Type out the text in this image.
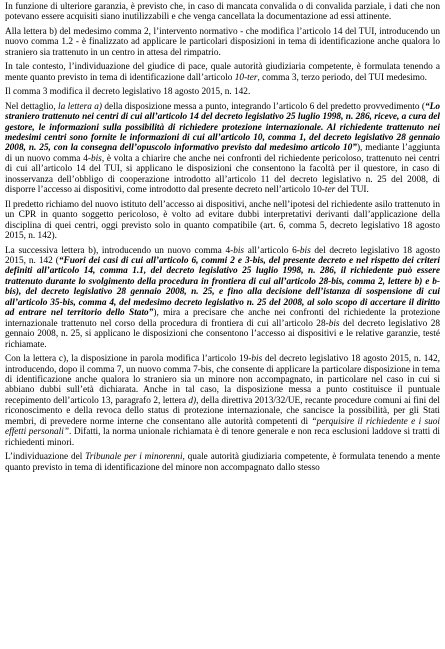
In funzione di ulteriore garanzia, è previsto che, in caso di mancata convalida o di convalida parziale, i dati che non potevano essere acquisiti siano inutilizzabili e che venga cancellata la documentazione ad essi attinente.

Alla lettera b) del medesimo comma 2, l’intervento normativo - che modifica l’articolo 14 del TUI, introducendo un nuovo comma 1.2 - è finalizzato ad applicare le particolari disposizioni in tema di identificazione anche qualora lo straniero sia trattenuto in un centro in attesa del rimpatrio.

In tale contesto, l’individuazione del giudice di pace, quale autorità giudiziaria competente, è formulata tenendo a mente quanto previsto in tema di identificazione dall’articolo 10-ter, comma 3, terzo periodo, del TUI medesimo.

Il comma 3 modifica il decreto legislativo 18 agosto 2015, n. 142.

Nel dettaglio, la lettera a) della disposizione messa a punto, integrando l’articolo 6 del predetto provvedimento (“Lo straniero trattenuto nei centri di cui all’articolo 14 del decreto legislativo 25 luglio 1998, n. 286, riceve, a cura del gestore, le informazioni sulla possibilità di richiedere protezione internazionale. Al richiedente trattenuto nei medesimi centri sono fornite le informazioni di cui all’articolo 10, comma 1, del decreto legislativo 28 gennaio 2008, n. 25, con la consegna dell’opuscolo informativo previsto dal medesimo articolo 10”), mediante l’aggiunta di un nuovo comma 4-bis, è volta a chiarire che anche nei confronti del richiedente pericoloso, trattenuto nei centri di cui all’articolo 14 del TUI, si applicano le disposizioni che consentono la facoltà per il questore, in caso di inosservanza dell’obbligo di cooperazione introdotto all’articolo 11 del decreto legislativo n. 25 del 2008, di disporre l’accesso ai dispositivi, come introdotto dal presente decreto nell’articolo 10-ter del TUI.

Il predetto richiamo del nuovo istituto dell’accesso ai dispositivi, anche nell’ipotesi del richiedente asilo trattenuto in un CPR in quanto soggetto pericoloso, è volto ad evitare dubbi interpretativi derivanti dall’applicazione della disciplina di quei centri, oggi previsto solo in quanto compatibile (art. 6, comma 5, decreto legislativo 18 agosto 2015, n. 142).

La successiva lettera b), introducendo un nuovo comma 4-bis all’articolo 6-bis del decreto legislativo 18 agosto 2015, n. 142 (“Fuori dei casi di cui all’articolo 6, commi 2 e 3-bis, del presente decreto e nel rispetto dei criteri definiti all’articolo 14, comma 1.1, del decreto legislativo 25 luglio 1998, n. 286, il richiedente può essere trattenuto durante lo svolgimento della procedura in frontiera di cui all’articolo 28-bis, comma 2, lettere b) e b-bis), del decreto legislativo 28 gennaio 2008, n. 25, e fino alla decisione dell’istanza di sospensione di cui all’articolo 35-bis, comma 4, del medesimo decreto legislativo n. 25 del 2008, al solo scopo di accertare il diritto ad entrare nel territorio dello Stato”), mira a precisare che anche nei confronti del richiedente la protezione internazionale trattenuto nel corso della procedura di frontiera di cui all’articolo 28-bis del decreto legislativo 28 gennaio 2008, n. 25, si applicano le disposizioni che consentono l’accesso ai dispositivi e le relative garanzie, testé richiamate.

Con la lettera c), la disposizione in parola modifica l’articolo 19-bis del decreto legislativo 18 agosto 2015, n. 142, introducendo, dopo il comma 7, un nuovo comma 7-bis, che consente di applicare la particolare disposizione in tema di identificazione anche qualora lo straniero sia un minore non accompagnato, in particolare nel caso in cui si abbiano dubbi sull’età dichiarata. Anche in tal caso, la disposizione messa a punto costituisce il puntuale recepimento dell’articolo 13, paragrafo 2, lettera d), della direttiva 2013/32/UE, recante procedure comuni ai fini del riconoscimento e della revoca dello status di protezione internazionale, che sancisce la possibilità, per gli Stati membri, di prevedere norme interne che consentano alle autorità competenti di “perquisire il richiedente e i suoi effetti personali”. Difatti, la norma unionale richiamata è di tenore generale e non reca esclusioni laddove si tratti di richiedenti minori.

L’individuazione del Tribunale per i minorenni, quale autorità giudiziaria competente, è formulata tenendo a mente quanto previsto in tema di identificazione del minore non accompagnato dallo stesso
